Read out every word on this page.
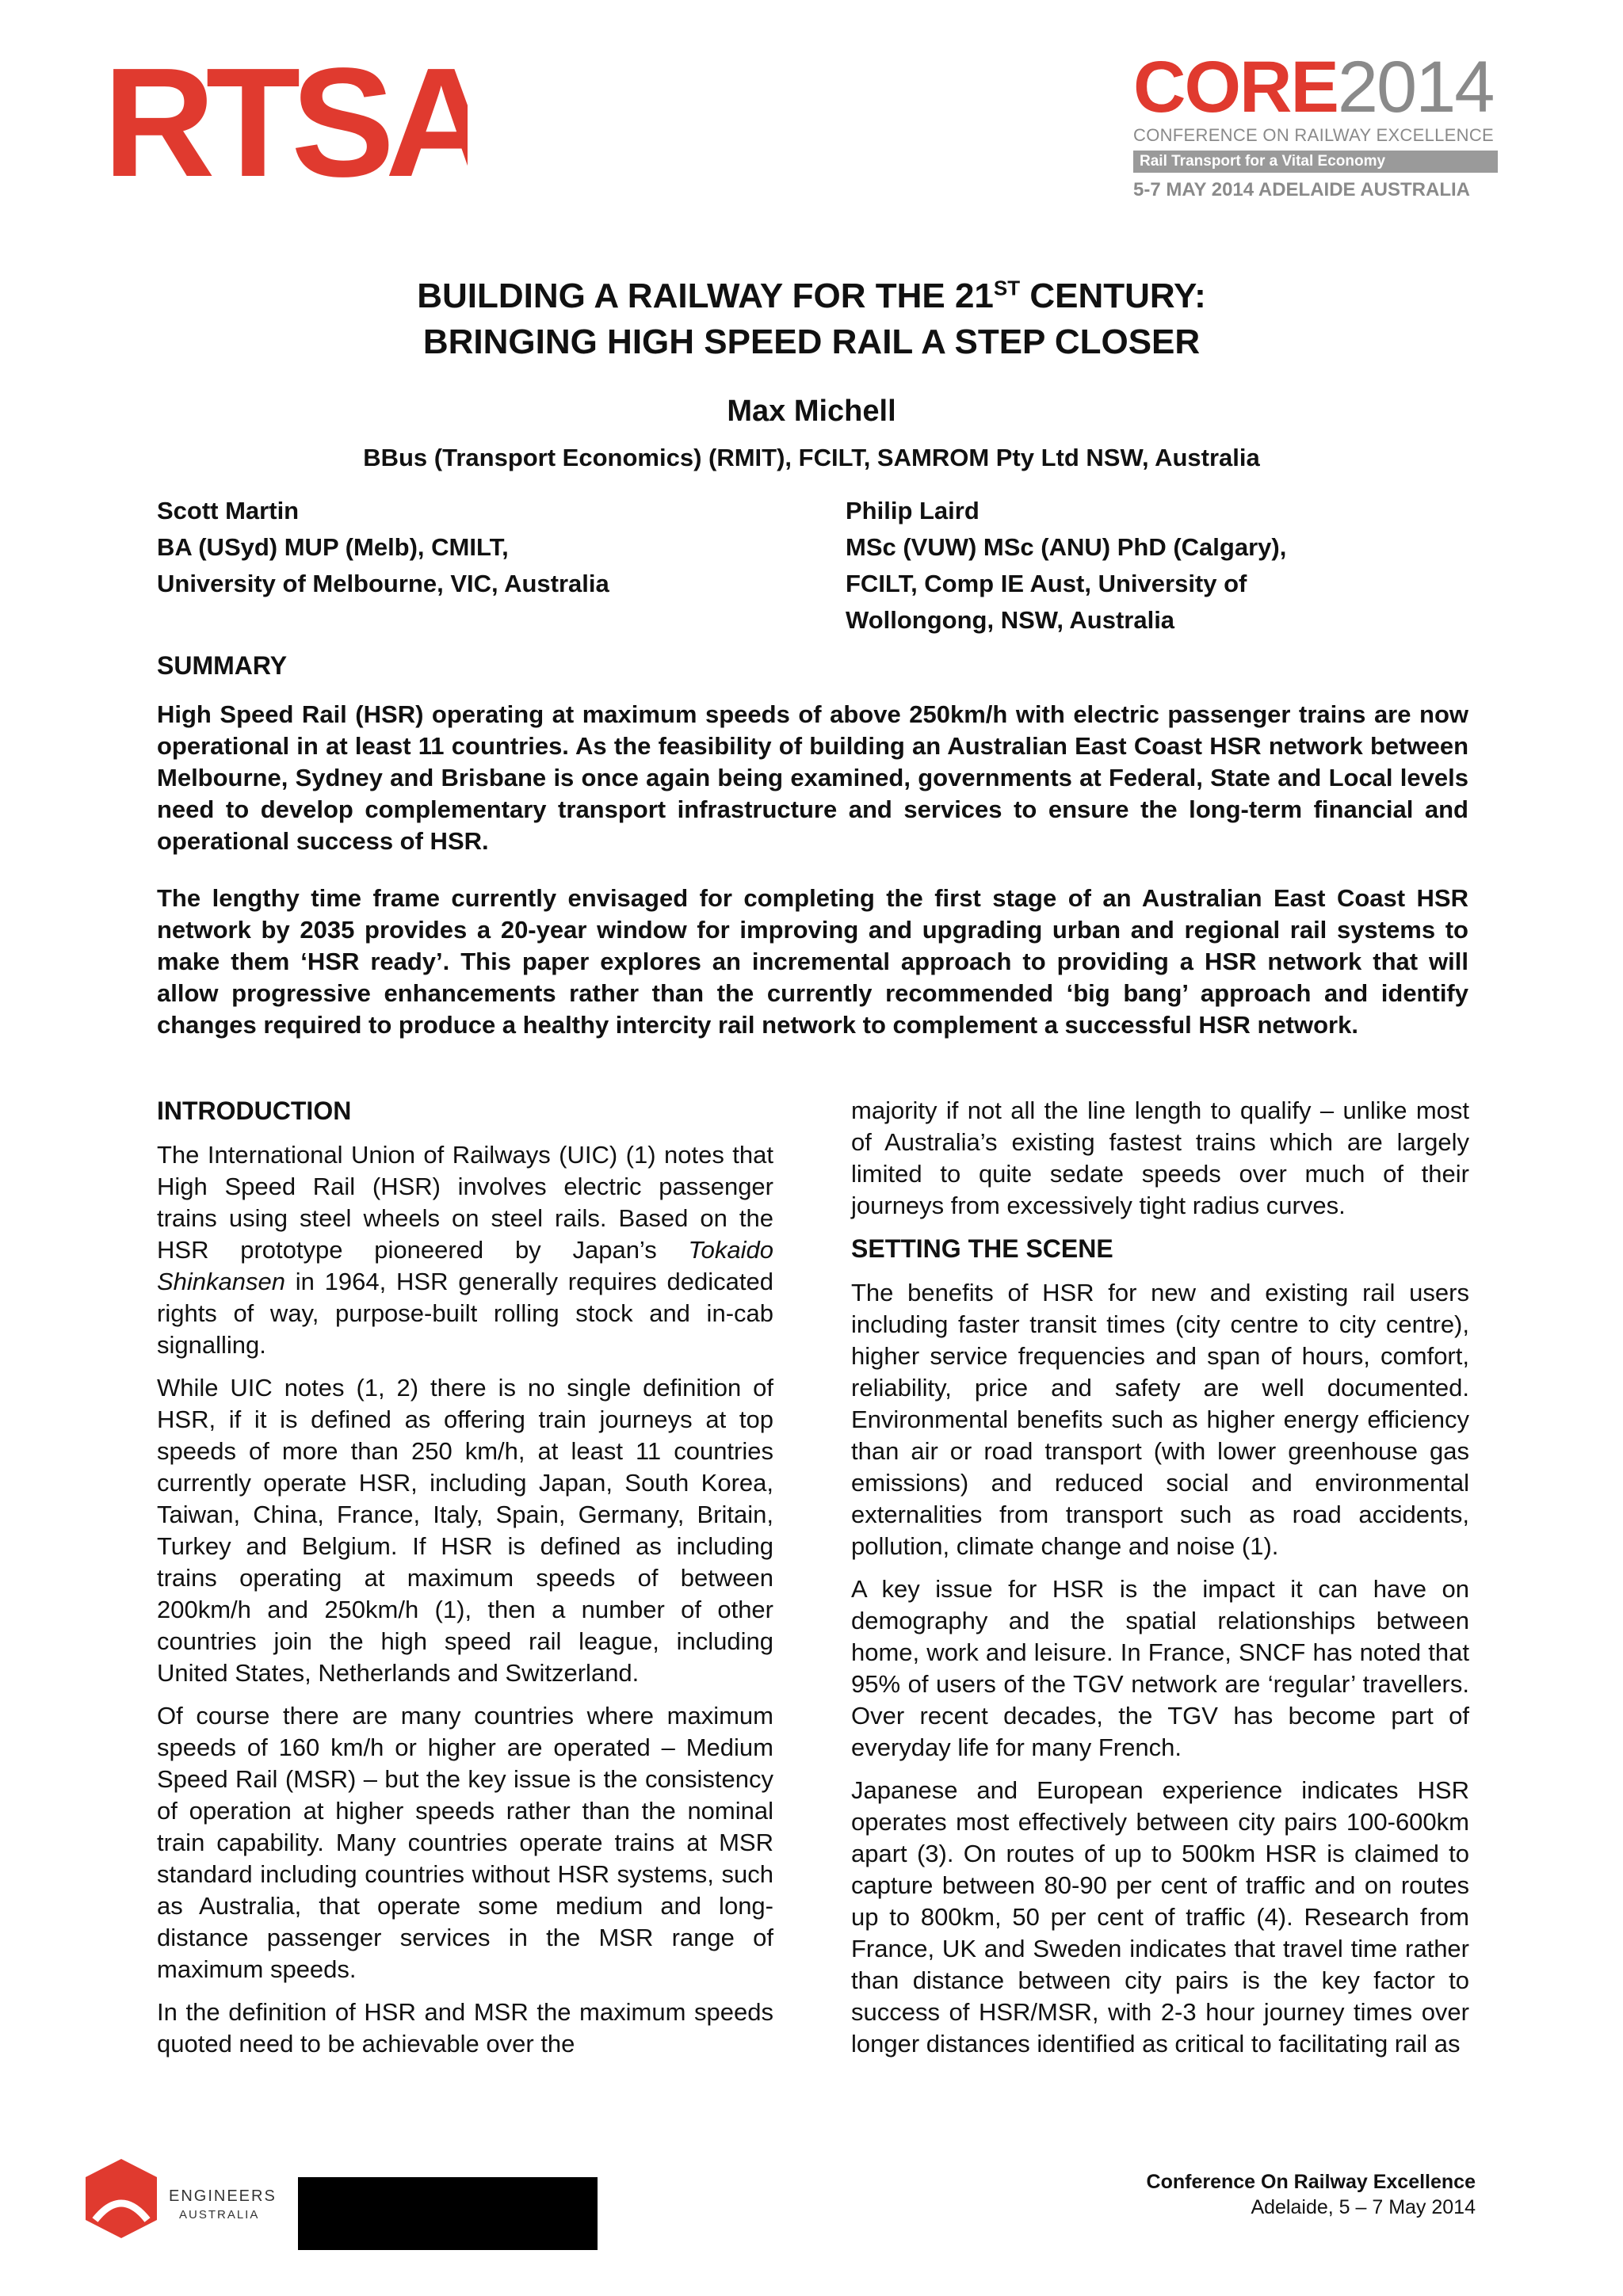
RTSA	CORE2014
CONFERENCE ON RAILWAY EXCELLENCE
Rail Transport for a Vital Economy
5-7 MAY 2014 ADELAIDE AUSTRALIA
BUILDING A RAILWAY FOR THE 21ST CENTURY:
BRINGING HIGH SPEED RAIL A STEP CLOSER
Max Michell
BBus (Transport Economics) (RMIT), FCILT, SAMROM Pty Ltd NSW, Australia
Scott Martin
BA (USyd) MUP (Melb), CMILT,
University of Melbourne, VIC, Australia
Philip Laird
MSc (VUW) MSc (ANU) PhD (Calgary),
FCILT, Comp IE Aust, University of
Wollongong, NSW, Australia
SUMMARY
High Speed Rail (HSR) operating at maximum speeds of above 250km/h with electric passenger trains are now operational in at least 11 countries. As the feasibility of building an Australian East Coast HSR network between Melbourne, Sydney and Brisbane is once again being examined, governments at Federal, State and Local levels need to develop complementary transport infrastructure and services to ensure the long-term financial and operational success of HSR.
The lengthy time frame currently envisaged for completing the first stage of an Australian East Coast HSR network by 2035 provides a 20-year window for improving and upgrading urban and regional rail systems to make them ‘HSR ready’. This paper explores an incremental approach to providing a HSR network that will allow progressive enhancements rather than the currently recommended ‘big bang’ approach and identify changes required to produce a healthy intercity rail network to complement a successful HSR network.
INTRODUCTION

The International Union of Railways (UIC) (1) notes that High Speed Rail (HSR) involves electric passenger trains using steel wheels on steel rails. Based on the HSR prototype pioneered by Japan’s Tokaido Shinkansen in 1964, HSR generally requires dedicated rights of way, purpose-built rolling stock and in-cab signalling.

While UIC notes (1, 2) there is no single definition of HSR, if it is defined as offering train journeys at top speeds of more than 250 km/h, at least 11 countries currently operate HSR, including Japan, South Korea, Taiwan, China, France, Italy, Spain, Germany, Britain, Turkey and Belgium. If HSR is defined as including trains operating at maximum speeds of between 200km/h and 250km/h (1), then a number of other countries join the high speed rail league, including United States, Netherlands and Switzerland.

Of course there are many countries where maximum speeds of 160 km/h or higher are operated – Medium Speed Rail (MSR) – but the key issue is the consistency of operation at higher speeds rather than the nominal train capability. Many countries operate trains at MSR standard including countries without HSR systems, such as Australia, that operate some medium and long-distance passenger services in the MSR range of maximum speeds.

In the definition of HSR and MSR the maximum speeds quoted need to be achievable over the

majority if not all the line length to qualify – unlike most of Australia’s existing fastest trains which are largely limited to quite sedate speeds over much of their journeys from excessively tight radius curves.

SETTING THE SCENE

The benefits of HSR for new and existing rail users including faster transit times (city centre to city centre), higher service frequencies and span of hours, comfort, reliability, price and safety are well documented. Environmental benefits such as higher energy efficiency than air or road transport (with lower greenhouse gas emissions) and reduced social and environmental externalities from transport such as road accidents, pollution, climate change and noise (1).

A key issue for HSR is the impact it can have on demography and the spatial relationships between home, work and leisure. In France, SNCF has noted that 95% of users of the TGV network are ‘regular’ travellers. Over recent decades, the TGV has become part of everyday life for many French.

Japanese and European experience indicates HSR operates most effectively between city pairs 100-600km apart (3). On routes of up to 500km HSR is claimed to capture between 80-90 per cent of traffic and on routes up to 800km, 50 per cent of traffic (4). Research from France, UK and Sweden indicates that travel time rather than distance between city pairs is the key factor to success of HSR/MSR, with 2-3 hour journey times over longer distances identified as critical to facilitating rail as

ENGINEERS
AUSTRALIA
Conference On Railway Excellence
Adelaide, 5 – 7 May 2014
